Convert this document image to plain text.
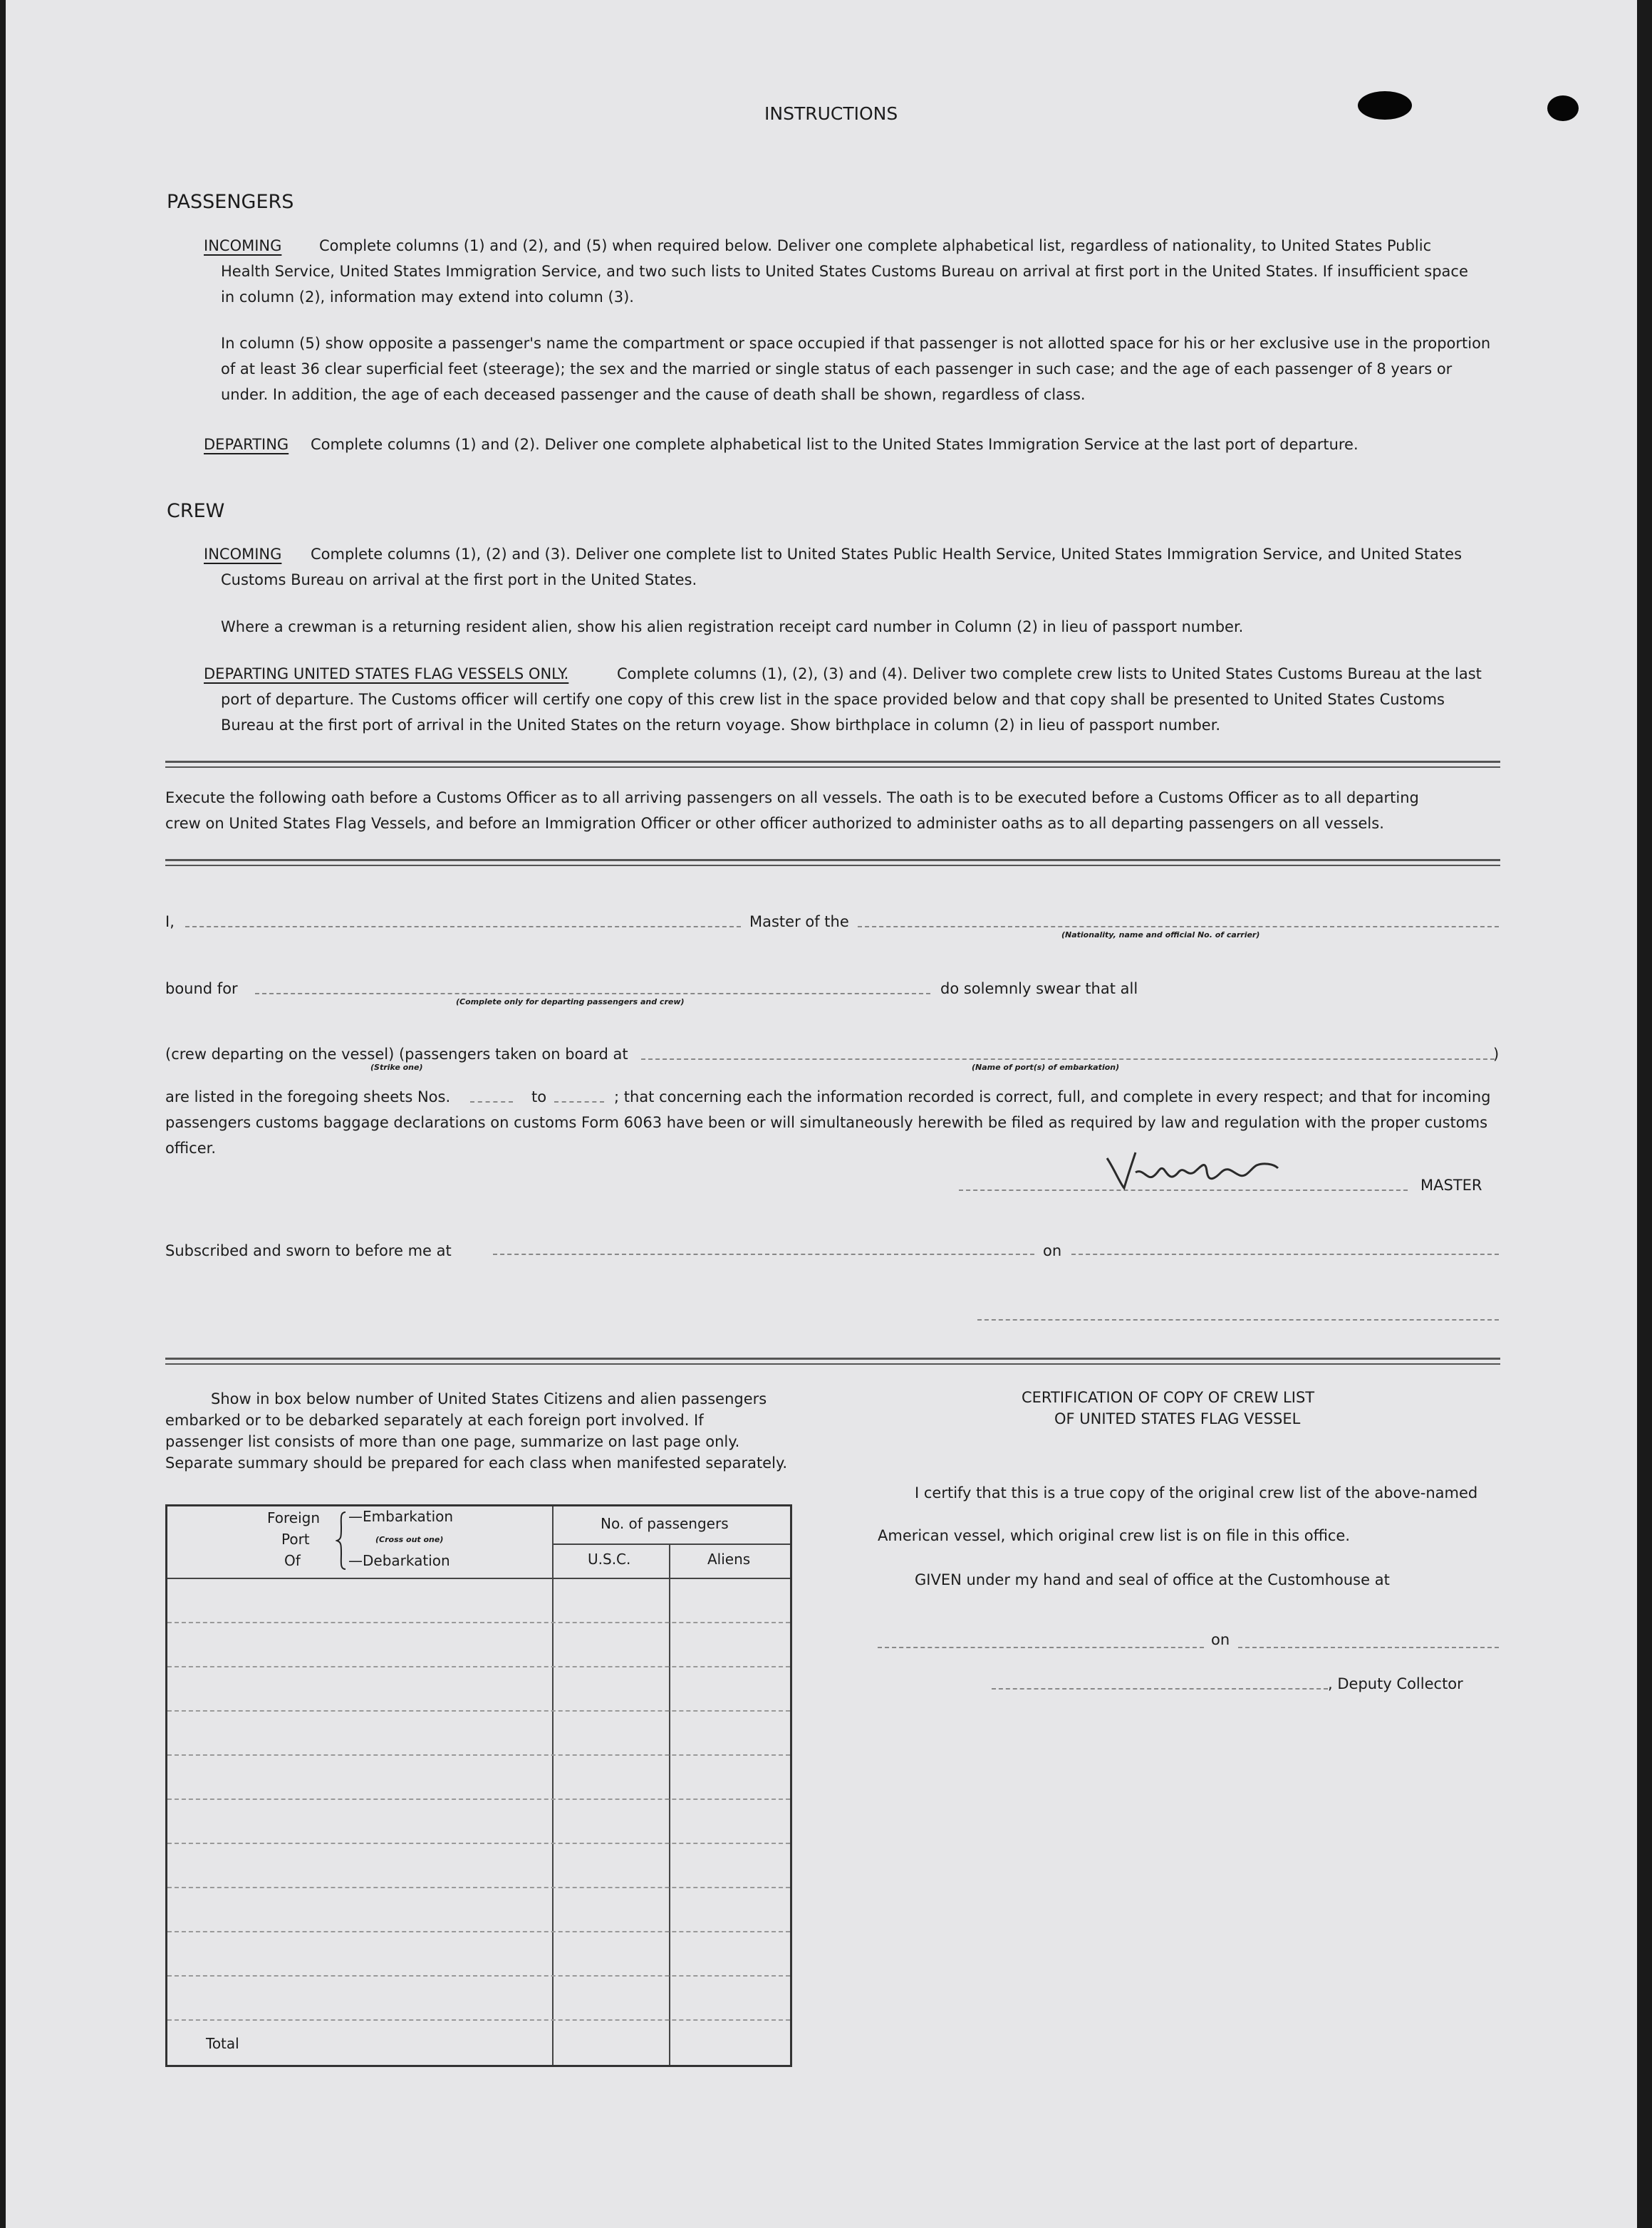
INSTRUCTIONS
PASSENGERS
INCOMING	Complete columns (1) and (2), and (5) when required below. Deliver one complete alphabetical list, regardless of nationality, to United States Public
Health Service, United States Immigration Service, and two such lists to United States Customs Bureau on arrival at first port in the United States. If insufficient space
in column (2), information may extend into column (3).
In column (5) show opposite a passenger's name the compartment or space occupied if that passenger is not allotted space for his or her exclusive use in the proportion
of at least 36 clear superficial feet (steerage); the sex and the married or single status of each passenger in such case; and the age of each passenger of 8 years or
under. In addition, the age of each deceased passenger and the cause of death shall be shown, regardless of class.
DEPARTING Complete columns (1) and (2). Deliver one complete alphabetical list to the United States Immigration Service at the last port of departure.
CREW
INCOMING Complete columns (1), (2) and (3). Deliver one complete list to United States Public Health Service, United States Immigration Service, and United States
Customs Bureau on arrival at the first port in the United States.
Where a crewman is a returning resident alien, show his alien registration receipt card number in Column (2) in lieu of passport number.
DEPARTING UNITED STATES FLAG VESSELS ONLY.	Complete columns (1), (2), (3) and (4). Deliver two complete crew lists to United States Customs Bureau at the last
port of departure. The Customs officer will certify one copy of this crew list in the space provided below and that copy shall be presented to United States Customs
Bureau at the first port of arrival in the United States on the return voyage. Show birthplace in column (2) in lieu of passport number.
Execute the following oath before a Customs Officer as to all arriving passengers on all vessels. The oath is to be executed before a Customs Officer as to all departing
crew on United States Flag Vessels, and before an Immigration Officer or other officer authorized to administer oaths as to all departing passengers on all vessels.
I,	Master of the
(Nationality, name and official No. of carrier)
bound for
(Complete only for departing passengers and crew)
do solemnly swear that all
(crew departing on the vessel) (passengers taken on board at	)
(Strike one)	(Name of port(s) of embarkation)
are listed in the foregoing sheets Nos.	to	; that concerning each the information recorded is correct, full, and complete in every respect; and that for incoming
passengers customs baggage declarations on customs Form 6063 have been or will simultaneously herewith be filed as required by law and regulation with the proper customs
officer.
MASTER
Subscribed and sworn to before me at	on
Show in box below number of United States Citizens and alien passengers
embarked or to be debarked separately at each foreign port involved. If
passenger list consists of more than one page, summarize on last page only.
Separate summary should be prepared for each class when manifested separately.
Foreign
Port
Of
—Embarkation
(Cross out one)
—Debarkation
No. of passengers
U.S.C.	Aliens
Total
CERTIFICATION OF COPY OF CREW LIST
OF UNITED STATES FLAG VESSEL
I certify that this is a true copy of the original crew list of the above-named
American vessel, which original crew list is on file in this office.
GIVEN under my hand and seal of office at the Customhouse at
on
, Deputy Collector
